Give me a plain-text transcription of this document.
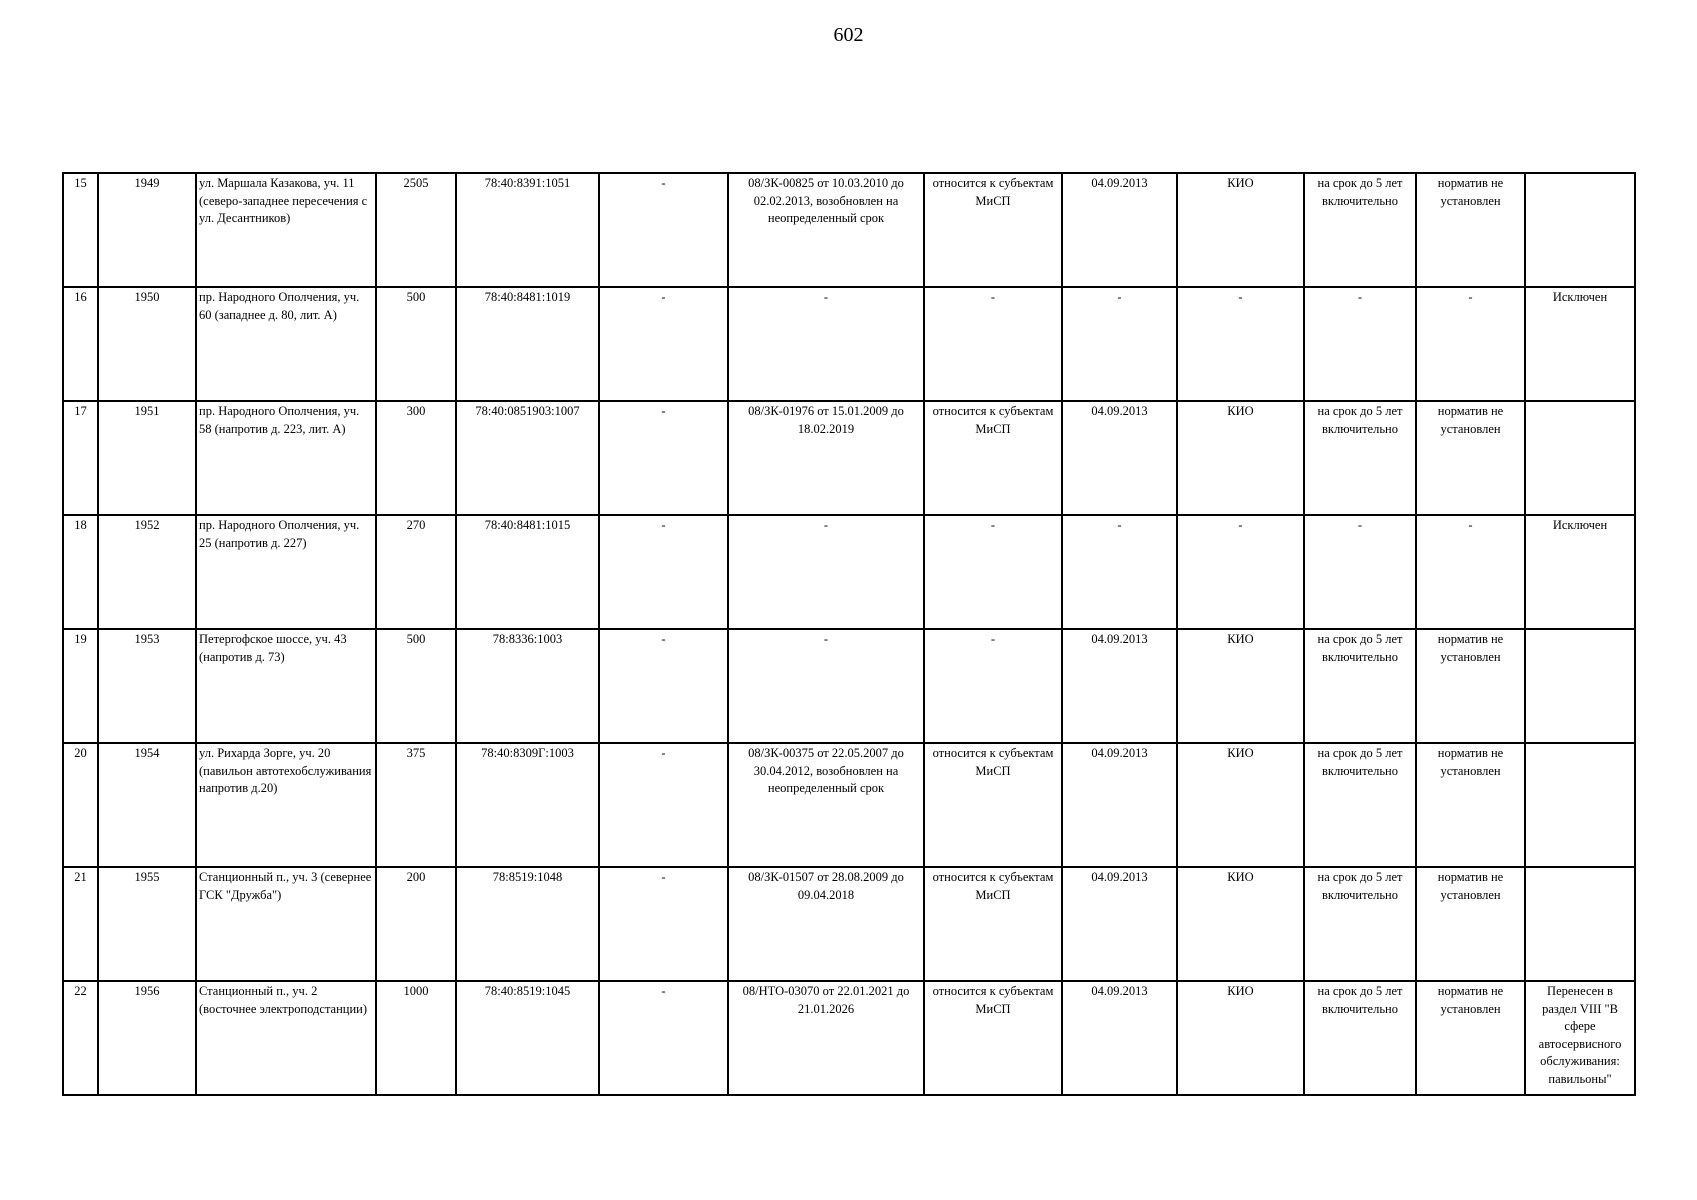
602
15	1949	ул. Маршала Казакова, уч. 11 (северо-западнее пересечения с ул. Десантников)	2505	78:40:8391:1051	-	08/ЗК-00825 от 10.03.2010 до 02.02.2013, возобновлен на неопределенный срок	относится к субъектам МиСП	04.09.2013	КИО	на срок до 5 лет включительно	норматив не установлен	
16	1950	пр. Народного Ополчения, уч. 60 (западнее д. 80, лит. А)	500	78:40:8481:1019	-	-	-	-	-	-	-	Исключен
17	1951	пр. Народного Ополчения, уч. 58 (напротив д. 223, лит. А)	300	78:40:0851903:1007	-	08/ЗК-01976 от 15.01.2009 до 18.02.2019	относится к субъектам МиСП	04.09.2013	КИО	на срок до 5 лет включительно	норматив не установлен	
18	1952	пр. Народного Ополчения, уч. 25 (напротив д. 227)	270	78:40:8481:1015	-	-	-	-	-	-	-	Исключен
19	1953	Петергофское шоссе, уч. 43 (напротив д. 73)	500	78:8336:1003	-	-	-	04.09.2013	КИО	на срок до 5 лет включительно	норматив не установлен	
20	1954	ул. Рихарда Зорге, уч. 20 (павильон автотехобслуживания напротив д.20)	375	78:40:8309Г:1003	-	08/ЗК-00375 от 22.05.2007 до 30.04.2012, возобновлен на неопределенный срок	относится к субъектам МиСП	04.09.2013	КИО	на срок до 5 лет включительно	норматив не установлен	
21	1955	Станционный п., уч. 3 (севернее ГСК "Дружба")	200	78:8519:1048	-	08/ЗК-01507 от 28.08.2009 до 09.04.2018	относится к субъектам МиСП	04.09.2013	КИО	на срок до 5 лет включительно	норматив не установлен	
22	1956	Станционный п., уч. 2 (восточнее электроподстанции)	1000	78:40:8519:1045	-	08/НТО-03070 от 22.01.2021 до 21.01.2026	относится к субъектам МиСП	04.09.2013	КИО	на срок до 5 лет включительно	норматив не установлен	Перенесен в раздел VIII "В сфере автосервисного обслуживания: павильоны"
